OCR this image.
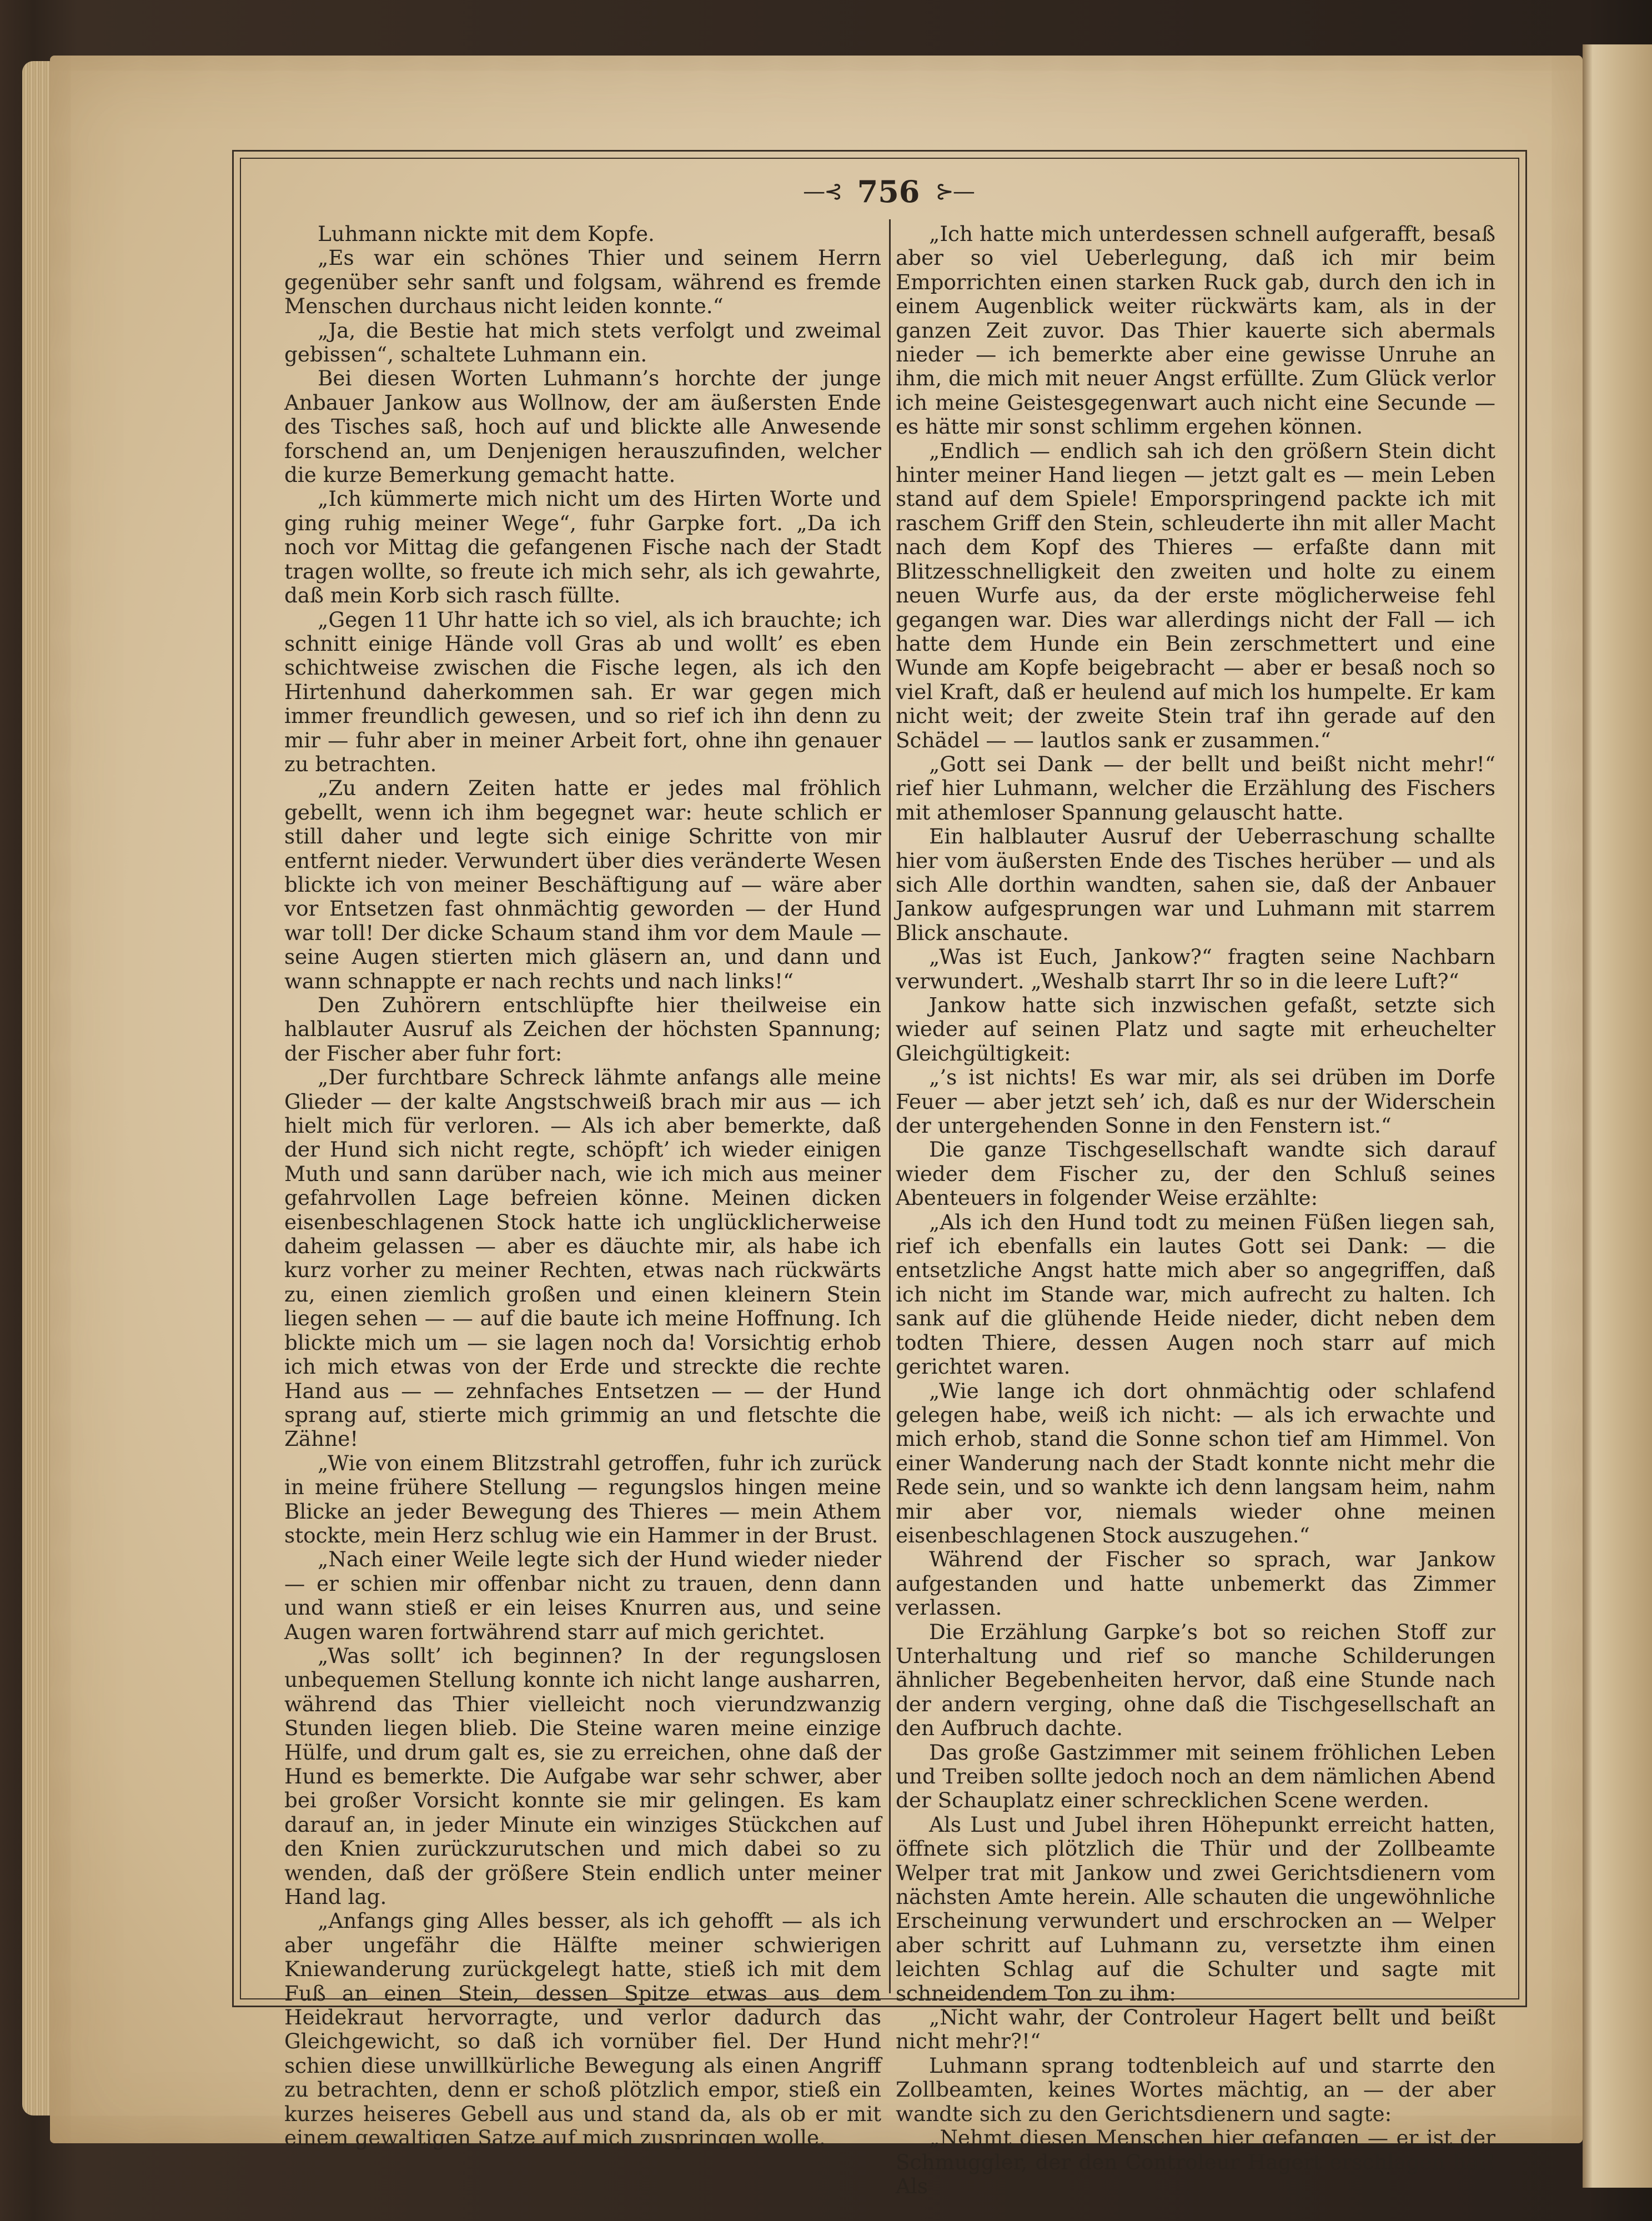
—⊰ 756 ⊱—

Luhmann nickte mit dem Kopfe.

„Es war ein schönes Thier und seinem Herrn gegenüber sehr sanft und folgsam, während es fremde Menschen durchaus nicht leiden konnte.“

„Ja, die Bestie hat mich stets verfolgt und zweimal gebissen“, schaltete Luhmann ein.

Bei diesen Worten Luhmann’s horchte der junge Anbauer Jankow aus Wollnow, der am äußersten Ende des Tisches saß, hoch auf und blickte alle Anwesende forschend an, um Denjenigen herauszufinden, welcher die kurze Bemerkung gemacht hatte.

„Ich kümmerte mich nicht um des Hirten Worte und ging ruhig meiner Wege“, fuhr Garpke fort. „Da ich noch vor Mittag die gefangenen Fische nach der Stadt tragen wollte, so freute ich mich sehr, als ich gewahrte, daß mein Korb sich rasch füllte.

„Gegen 11 Uhr hatte ich so viel, als ich brauchte; ich schnitt einige Hände voll Gras ab und wollt’ es eben schichtweise zwischen die Fische legen, als ich den Hirtenhund daherkommen sah. Er war gegen mich immer freundlich gewesen, und so rief ich ihn denn zu mir — fuhr aber in meiner Arbeit fort, ohne ihn genauer zu betrachten.

„Zu andern Zeiten hatte er jedes mal fröhlich gebellt, wenn ich ihm begegnet war: heute schlich er still daher und legte sich einige Schritte von mir entfernt nieder. Verwundert über dies veränderte Wesen blickte ich von meiner Beschäftigung auf — wäre aber vor Entsetzen fast ohnmächtig geworden — der Hund war toll! Der dicke Schaum stand ihm vor dem Maule — seine Augen stierten mich gläsern an, und dann und wann schnappte er nach rechts und nach links!“

Den Zuhörern entschlüpfte hier theilweise ein halblauter Ausruf als Zeichen der höchsten Spannung; der Fischer aber fuhr fort:

„Der furchtbare Schreck lähmte anfangs alle meine Glieder — der kalte Angstschweiß brach mir aus — ich hielt mich für verloren. — Als ich aber bemerkte, daß der Hund sich nicht regte, schöpft’ ich wieder einigen Muth und sann darüber nach, wie ich mich aus meiner gefahrvollen Lage befreien könne. Meinen dicken eisenbeschlagenen Stock hatte ich unglücklicherweise daheim gelassen — aber es däuchte mir, als habe ich kurz vorher zu meiner Rechten, etwas nach rückwärts zu, einen ziemlich großen und einen kleinern Stein liegen sehen — — auf die baute ich meine Hoffnung. Ich blickte mich um — sie lagen noch da! Vorsichtig erhob ich mich etwas von der Erde und streckte die rechte Hand aus — — zehnfaches Entsetzen — — der Hund sprang auf, stierte mich grimmig an und fletschte die Zähne!

„Wie von einem Blitzstrahl getroffen, fuhr ich zurück in meine frühere Stellung — regungslos hingen meine Blicke an jeder Bewegung des Thieres — mein Athem stockte, mein Herz schlug wie ein Hammer in der Brust.

„Nach einer Weile legte sich der Hund wieder nieder — er schien mir offenbar nicht zu trauen, denn dann und wann stieß er ein leises Knurren aus, und seine Augen waren fortwährend starr auf mich gerichtet.

„Was sollt’ ich beginnen? In der regungslosen unbequemen Stellung konnte ich nicht lange ausharren, während das Thier vielleicht noch vierundzwanzig Stunden liegen blieb. Die Steine waren meine einzige Hülfe, und drum galt es, sie zu erreichen, ohne daß der Hund es bemerkte. Die Aufgabe war sehr schwer, aber bei großer Vorsicht konnte sie mir gelingen. Es kam darauf an, in jeder Minute ein winziges Stückchen auf den Knien zurückzurutschen und mich dabei so zu wenden, daß der größere Stein endlich unter meiner Hand lag.

„Anfangs ging Alles besser, als ich gehofft — als ich aber ungefähr die Hälfte meiner schwierigen Kniewanderung zurückgelegt hatte, stieß ich mit dem Fuß an einen Stein, dessen Spitze etwas aus dem Heidekraut hervorragte, und verlor dadurch das Gleichgewicht, so daß ich vornüber fiel. Der Hund schien diese unwillkürliche Bewegung als einen Angriff zu betrachten, denn er schoß plötzlich empor, stieß ein kurzes heiseres Gebell aus und stand da, als ob er mit einem gewaltigen Satze auf mich zuspringen wolle.

„Ich hatte mich unterdessen schnell aufgerafft, besaß aber so viel Ueberlegung, daß ich mir beim Emporrichten einen starken Ruck gab, durch den ich in einem Augenblick weiter rückwärts kam, als in der ganzen Zeit zuvor. Das Thier kauerte sich abermals nieder — ich bemerkte aber eine gewisse Unruhe an ihm, die mich mit neuer Angst erfüllte. Zum Glück verlor ich meine Geistesgegenwart auch nicht eine Secunde — es hätte mir sonst schlimm ergehen können.

„Endlich — endlich sah ich den größern Stein dicht hinter meiner Hand liegen — jetzt galt es — mein Leben stand auf dem Spiele! Emporspringend packte ich mit raschem Griff den Stein, schleuderte ihn mit aller Macht nach dem Kopf des Thieres — erfaßte dann mit Blitzesschnelligkeit den zweiten und holte zu einem neuen Wurfe aus, da der erste möglicherweise fehl gegangen war. Dies war allerdings nicht der Fall — ich hatte dem Hunde ein Bein zerschmettert und eine Wunde am Kopfe beigebracht — aber er besaß noch so viel Kraft, daß er heulend auf mich los humpelte. Er kam nicht weit; der zweite Stein traf ihn gerade auf den Schädel — — lautlos sank er zusammen.“

„Gott sei Dank — der bellt und beißt nicht mehr!“ rief hier Luhmann, welcher die Erzählung des Fischers mit athemloser Spannung gelauscht hatte.

Ein halblauter Ausruf der Ueberraschung schallte hier vom äußersten Ende des Tisches herüber — und als sich Alle dorthin wandten, sahen sie, daß der Anbauer Jankow aufgesprungen war und Luhmann mit starrem Blick anschaute.

„Was ist Euch, Jankow?“ fragten seine Nachbarn verwundert. „Weshalb starrt Ihr so in die leere Luft?“

Jankow hatte sich inzwischen gefaßt, setzte sich wieder auf seinen Platz und sagte mit erheuchelter Gleichgültigkeit:

„’s ist nichts! Es war mir, als sei drüben im Dorfe Feuer — aber jetzt seh’ ich, daß es nur der Widerschein der untergehenden Sonne in den Fenstern ist.“

Die ganze Tischgesellschaft wandte sich darauf wieder dem Fischer zu, der den Schluß seines Abenteuers in folgender Weise erzählte:

„Als ich den Hund todt zu meinen Füßen liegen sah, rief ich ebenfalls ein lautes Gott sei Dank: — die entsetzliche Angst hatte mich aber so angegriffen, daß ich nicht im Stande war, mich aufrecht zu halten. Ich sank auf die glühende Heide nieder, dicht neben dem todten Thiere, dessen Augen noch starr auf mich gerichtet waren.

„Wie lange ich dort ohnmächtig oder schlafend gelegen habe, weiß ich nicht: — als ich erwachte und mich erhob, stand die Sonne schon tief am Himmel. Von einer Wanderung nach der Stadt konnte nicht mehr die Rede sein, und so wankte ich denn langsam heim, nahm mir aber vor, niemals wieder ohne meinen eisenbeschlagenen Stock auszugehen.“

Während der Fischer so sprach, war Jankow aufgestanden und hatte unbemerkt das Zimmer verlassen.

Die Erzählung Garpke’s bot so reichen Stoff zur Unterhaltung und rief so manche Schilderungen ähnlicher Begebenheiten hervor, daß eine Stunde nach der andern verging, ohne daß die Tischgesellschaft an den Aufbruch dachte.

Das große Gastzimmer mit seinem fröhlichen Leben und Treiben sollte jedoch noch an dem nämlichen Abend der Schauplatz einer schrecklichen Scene werden.

Als Lust und Jubel ihren Höhepunkt erreicht hatten, öffnete sich plötzlich die Thür und der Zollbeamte Welper trat mit Jankow und zwei Gerichtsdienern vom nächsten Amte herein. Alle schauten die ungewöhnliche Erscheinung verwundert und erschrocken an — Welper aber schritt auf Luhmann zu, versetzte ihm einen leichten Schlag auf die Schulter und sagte mit schneidendem Ton zu ihm:

„Nicht wahr, der Controleur Hagert bellt und beißt nicht mehr?!“

Luhmann sprang todtenbleich auf und starrte den Zollbeamten, keines Wortes mächtig, an — der aber wandte sich zu den Gerichtsdienern und sagte:

„Nehmt diesen Menschen hier gefangen — er ist der Schmuggler, der den Controleur Hagert erschlagen hat! Als
